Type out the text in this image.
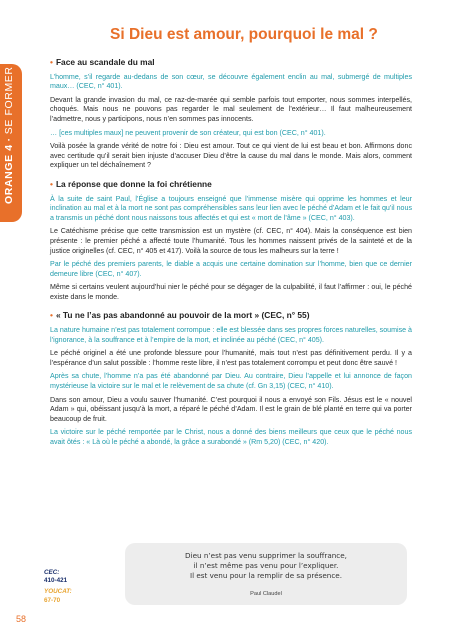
ORANGE 4·SE FORMER
Si Dieu est amour, pourquoi le mal ?
• Face au scandale du mal

L’homme, s’il regarde au-dedans de son cœur, se découvre également enclin au mal, submergé de multiples maux… (CEC, n° 401).

Devant la grande invasion du mal, ce raz-de-marée qui semble parfois tout emporter, nous sommes interpellés, choqués. Mais nous ne pouvons pas regarder le mal seulement de l’extérieur… Il faut malheureusement l’admettre, nous y participons, nous n’en sommes pas innocents.

… [ces multiples maux] ne peuvent provenir de son créateur, qui est bon (CEC, n° 401).

Voilà posée la grande vérité de notre foi : Dieu est amour. Tout ce qui vient de lui est beau et bon. Affirmons donc avec certitude qu’il serait bien injuste d’accuser Dieu d’être la cause du mal dans le monde. Mais alors, comment expliquer un tel déchaînement ?

• La réponse que donne la foi chrétienne

À la suite de saint Paul, l’Église a toujours enseigné que l’immense misère qui opprime les hommes et leur inclination au mal et à la mort ne sont pas compréhensibles sans leur lien avec le péché d’Adam et le fait qu’il nous a transmis un péché dont nous naissons tous affectés et qui est « mort de l’âme » (CEC, n° 403).

Le Catéchisme précise que cette transmission est un mystère (cf. CEC, n° 404). Mais la conséquence est bien présente : le premier péché a affecté toute l’humanité. Tous les hommes naissent privés de la sainteté et de la justice originelles (cf. CEC, n° 405 et 417). Voilà la source de tous les malheurs sur la terre !

Par le péché des premiers parents, le diable a acquis une certaine domination sur l’homme, bien que ce dernier demeure libre (CEC, n° 407).

Même si certains veulent aujourd’hui nier le péché pour se dégager de la culpabilité, il faut l’affirmer : oui, le péché existe dans le monde.

• « Tu ne l’as pas abandonné au pouvoir de la mort » (CEC, n° 55)

La nature humaine n’est pas totalement corrompue : elle est blessée dans ses propres forces naturelles, soumise à l’ignorance, à la souffrance et à l’empire de la mort, et inclinée au péché (CEC, n° 405).

Le péché originel a été une profonde blessure pour l’humanité, mais tout n’est pas définitivement perdu. Il y a l’espérance d’un salut possible : l’homme reste libre, il n’est pas totalement corrompu et peut donc être sauvé !

Après sa chute, l’homme n’a pas été abandonné par Dieu. Au contraire, Dieu l’appelle et lui annonce de façon mystérieuse la victoire sur le mal et le relèvement de sa chute (cf. Gn 3,15) (CEC, n° 410).

Dans son amour, Dieu a voulu sauver l’humanité. C’est pourquoi il nous a envoyé son Fils. Jésus est le « nouvel Adam » qui, obéissant jusqu’à la mort, a réparé le péché d’Adam. Il est le grain de blé planté en terre qui va porter beaucoup de fruit.

La victoire sur le péché remportée par le Christ, nous a donné des biens meilleurs que ceux que le péché nous avait ôtés : « Là où le péché a abondé, la grâce a surabondé » (Rm 5,20) (CEC, n° 420).

Dieu n’est pas venu supprimer la souffrance,
il n’est même pas venu pour l’expliquer.
Il est venu pour la remplir de sa présence.
Paul Claudel
CEC:
410-421
YOUCAT:
67-70
58
